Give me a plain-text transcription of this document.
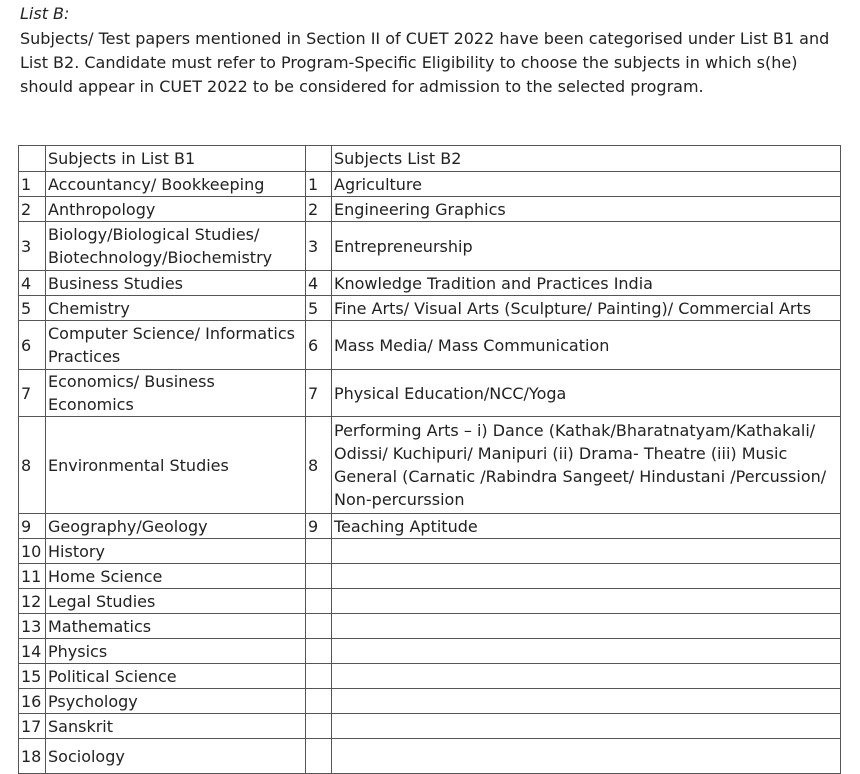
List B:
Subjects/ Test papers mentioned in Section II of CUET 2022 have been categorised under List B1 and List B2. Candidate must refer to Program-Specific Eligibility to choose the subjects in which s(he) should appear in CUET 2022 to be considered for admission to the selected program.
	Subjects in List B1		Subjects List B2
1	Accountancy/ Bookkeeping	1	Agriculture
2	Anthropology	2	Engineering Graphics
3	Biology/Biological Studies/ Biotechnology/Biochemistry	3	Entrepreneurship
4	Business Studies	4	Knowledge Tradition and Practices India
5	Chemistry	5	Fine Arts/ Visual Arts (Sculpture/ Painting)/ Commercial Arts
6	Computer Science/ Informatics Practices	6	Mass Media/ Mass Communication
7	Economics/ Business Economics	7	Physical Education/NCC/Yoga
8	Environmental Studies	8	Performing Arts – i) Dance (Kathak/Bharatnatyam/Kathakali/ Odissi/ Kuchipuri/ Manipuri (ii) Drama- Theatre (iii) Music General (Carnatic /Rabindra Sangeet/ Hindustani /Percussion/ Non-percurssion
9	Geography/Geology	9	Teaching Aptitude
10	History		
11	Home Science		
12	Legal Studies		
13	Mathematics		
14	Physics		
15	Political Science		
16	Psychology		
17	Sanskrit		
18	Sociology		
